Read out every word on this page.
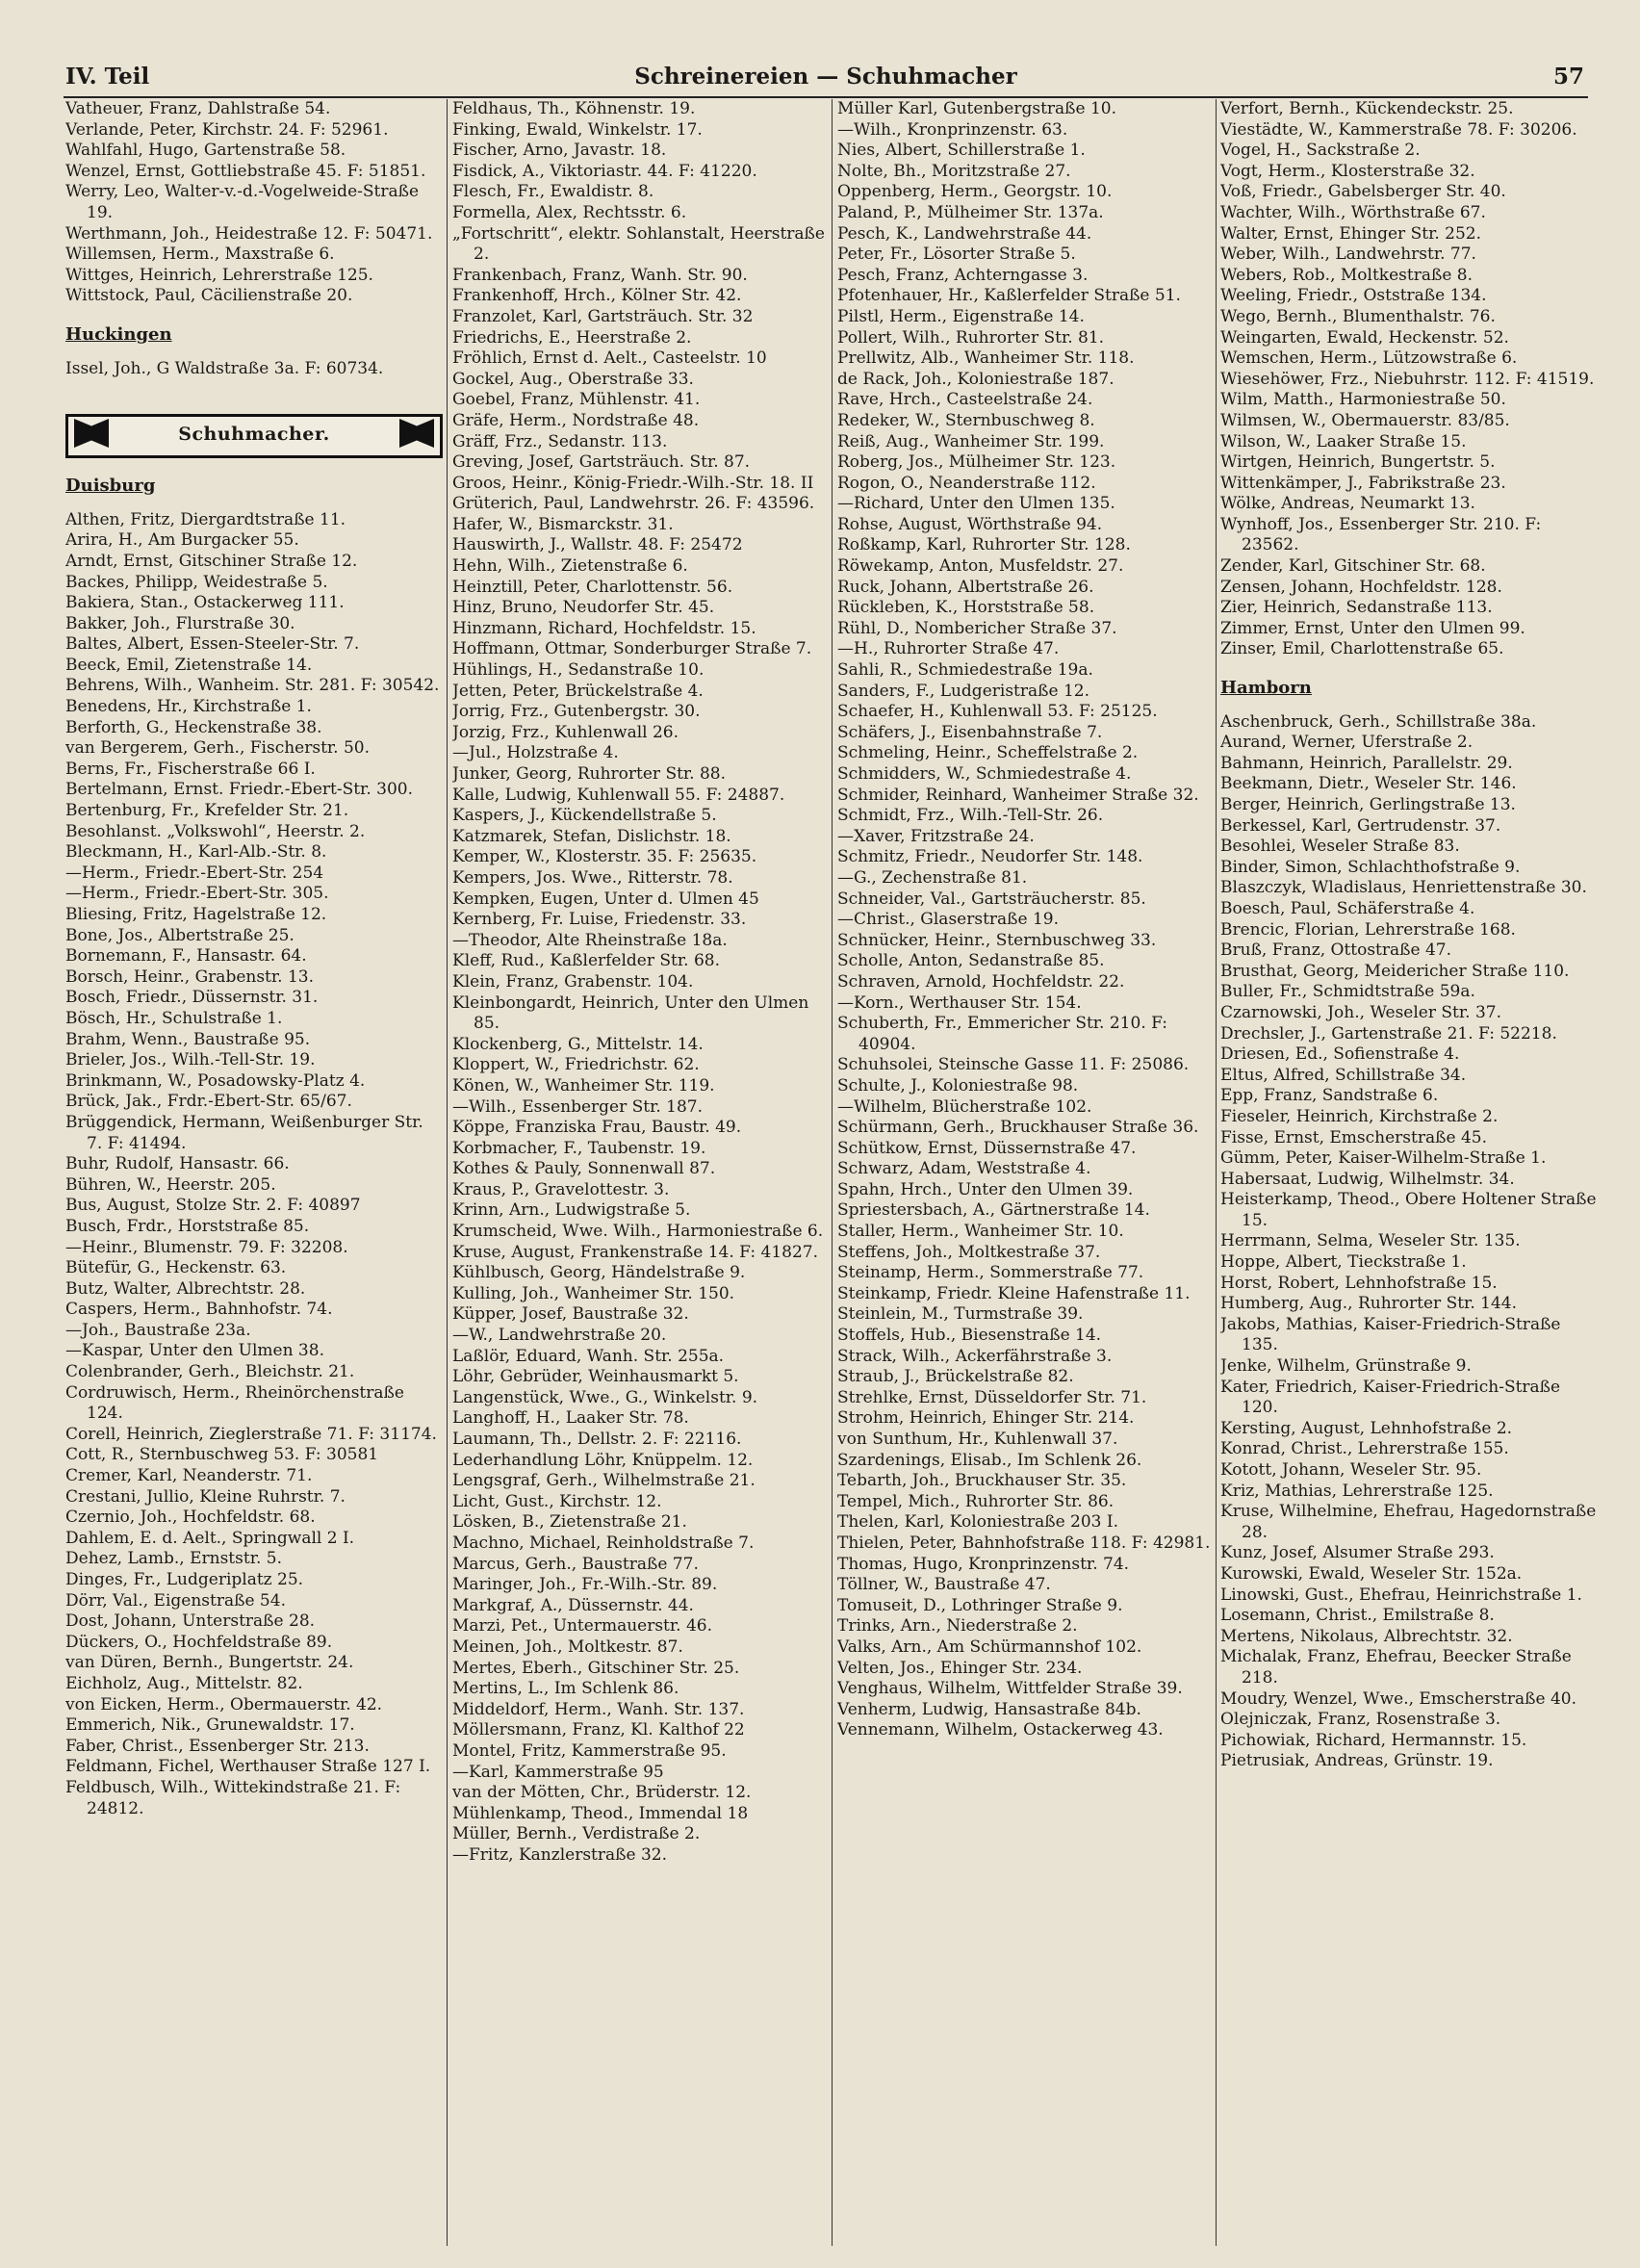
IV. Teil	Schreinereien — Schuhmacher	57
Vatheuer, Franz, Dahlstraße 54.
Verlande, Peter, Kirchstr. 24. F: 52961.
Wahlfahl, Hugo, Gartenstraße 58.
Wenzel, Ernst, Gottliebstraße 45. F: 51851.
Werry, Leo, Walter-v.-d.-Vogelweide-Straße 19.
Werthmann, Joh., Heidestraße 12. F: 50471.
Willemsen, Herm., Maxstraße 6.
Wittges, Heinrich, Lehrerstraße 125.
Wittstock, Paul, Cäcilienstraße 20.
Huckingen
Issel, Joh., G Waldstraße 3a. F: 60734.
Schuhmacher.
Duisburg
Althen, Fritz, Diergardtstraße 11.
Arira, H., Am Burgacker 55.
Arndt, Ernst, Gitschiner Straße 12.
Backes, Philipp, Weidestraße 5.
Bakiera, Stan., Ostackerweg 111.
Bakker, Joh., Flurstraße 30.
Baltes, Albert, Essen-Steeler-Str. 7.
Beeck, Emil, Zietenstraße 14.
Behrens, Wilh., Wanheim. Str. 281. F: 30542.
Benedens, Hr., Kirchstraße 1.
Berforth, G., Heckenstraße 38.
van Bergerem, Gerh., Fischerstr. 50.
Berns, Fr., Fischerstraße 66 I.
Bertelmann, Ernst. Friedr.-Ebert-Str. 300.
Bertenburg, Fr., Krefelder Str. 21.
Besohlanst. „Volkswohl“, Heerstr. 2.
Bleckmann, H., Karl-Alb.-Str. 8.
—Herm., Friedr.-Ebert-Str. 254
—Herm., Friedr.-Ebert-Str. 305.
Bliesing, Fritz, Hagelstraße 12.
Bone, Jos., Albertstraße 25.
Bornemann, F., Hansastr. 64.
Borsch, Heinr., Grabenstr. 13.
Bosch, Friedr., Düssernstr. 31.
Bösch, Hr., Schulstraße 1.
Brahm, Wenn., Baustraße 95.
Brieler, Jos., Wilh.-Tell-Str. 19.
Brinkmann, W., Posadowsky-Platz 4.
Brück, Jak., Frdr.-Ebert-Str. 65/67.
Brüggendick, Hermann, Weißenburger Str. 7. F: 41494.
Buhr, Rudolf, Hansastr. 66.
Bühren, W., Heerstr. 205.
Bus, August, Stolze Str. 2. F: 40897
Busch, Frdr., Horststraße 85.
—Heinr., Blumenstr. 79. F: 32208.
Bütefür, G., Heckenstr. 63.
Butz, Walter, Albrechtstr. 28.
Caspers, Herm., Bahnhofstr. 74.
—Joh., Baustraße 23a.
—Kaspar, Unter den Ulmen 38.
Colenbrander, Gerh., Bleichstr. 21.
Cordruwisch, Herm., Rheinörchenstraße 124.
Corell, Heinrich, Zieglerstraße 71. F: 31174.
Cott, R., Sternbuschweg 53. F: 30581
Cremer, Karl, Neanderstr. 71.
Crestani, Jullio, Kleine Ruhrstr. 7.
Czernio, Joh., Hochfeldstr. 68.
Dahlem, E. d. Aelt., Springwall 2 I.
Dehez, Lamb., Ernststr. 5.
Dinges, Fr., Ludgeriplatz 25.
Dörr, Val., Eigenstraße 54.
Dost, Johann, Unterstraße 28.
Dückers, O., Hochfeldstraße 89.
van Düren, Bernh., Bungertstr. 24.
Eichholz, Aug., Mittelstr. 82.
von Eicken, Herm., Obermauerstr. 42.
Emmerich, Nik., Grunewaldstr. 17.
Faber, Christ., Essenberger Str. 213.
Feldmann, Fichel, Werthauser Straße 127 I.
Feldbusch, Wilh., Wittekindstraße 21. F: 24812.
Feldhaus, Th., Köhnenstr. 19.
Finking, Ewald, Winkelstr. 17.
Fischer, Arno, Javastr. 18.
Fisdick, A., Viktoriastr. 44. F: 41220.
Flesch, Fr., Ewaldistr. 8.
Formella, Alex, Rechtsstr. 6.
„Fortschritt“, elektr. Sohlanstalt, Heerstraße 2.
Frankenbach, Franz, Wanh. Str. 90.
Frankenhoff, Hrch., Kölner Str. 42.
Franzolet, Karl, Gartsträuch. Str. 32
Friedrichs, E., Heerstraße 2.
Fröhlich, Ernst d. Aelt., Casteelstr. 10
Gockel, Aug., Oberstraße 33.
Goebel, Franz, Mühlenstr. 41.
Gräfe, Herm., Nordstraße 48.
Gräff, Frz., Sedanstr. 113.
Greving, Josef, Gartsträuch. Str. 87.
Groos, Heinr., König-Friedr.-Wilh.-Str. 18. II
Grüterich, Paul, Landwehrstr. 26. F: 43596.
Hafer, W., Bismarckstr. 31.
Hauswirth, J., Wallstr. 48. F: 25472
Hehn, Wilh., Zietenstraße 6.
Heinztill, Peter, Charlottenstr. 56.
Hinz, Bruno, Neudorfer Str. 45.
Hinzmann, Richard, Hochfeldstr. 15.
Hoffmann, Ottmar, Sonderburger Straße 7.
Hühlings, H., Sedanstraße 10.
Jetten, Peter, Brückelstraße 4.
Jorrig, Frz., Gutenbergstr. 30.
Jorzig, Frz., Kuhlenwall 26.
—Jul., Holzstraße 4.
Junker, Georg, Ruhrorter Str. 88.
Kalle, Ludwig, Kuhlenwall 55. F: 24887.
Kaspers, J., Kückendellstraße 5.
Katzmarek, Stefan, Dislichstr. 18.
Kemper, W., Klosterstr. 35. F: 25635.
Kempers, Jos. Wwe., Ritterstr. 78.
Kempken, Eugen, Unter d. Ulmen 45
Kernberg, Fr. Luise, Friedenstr. 33.
—Theodor, Alte Rheinstraße 18a.
Kleff, Rud., Kaßlerfelder Str. 68.
Klein, Franz, Grabenstr. 104.
Kleinbongardt, Heinrich, Unter den Ulmen 85.
Klockenberg, G., Mittelstr. 14.
Kloppert, W., Friedrichstr. 62.
Könen, W., Wanheimer Str. 119.
—Wilh., Essenberger Str. 187.
Köppe, Franziska Frau, Baustr. 49.
Korbmacher, F., Taubenstr. 19.
Kothes & Pauly, Sonnenwall 87.
Kraus, P., Gravelottestr. 3.
Krinn, Arn., Ludwigstraße 5.
Krumscheid, Wwe. Wilh., Harmoniestraße 6.
Kruse, August, Frankenstraße 14. F: 41827.
Kühlbusch, Georg, Händelstraße 9.
Kulling, Joh., Wanheimer Str. 150.
Küpper, Josef, Baustraße 32.
—W., Landwehrstraße 20.
Laßlör, Eduard, Wanh. Str. 255a.
Löhr, Gebrüder, Weinhausmarkt 5.
Langenstück, Wwe., G., Winkelstr. 9.
Langhoff, H., Laaker Str. 78.
Laumann, Th., Dellstr. 2. F: 22116.
Lederhandlung Löhr, Knüppelm. 12.
Lengsgraf, Gerh., Wilhelmstraße 21.
Licht, Gust., Kirchstr. 12.
Lösken, B., Zietenstraße 21.
Machno, Michael, Reinholdstraße 7.
Marcus, Gerh., Baustraße 77.
Maringer, Joh., Fr.-Wilh.-Str. 89.
Markgraf, A., Düssernstr. 44.
Marzi, Pet., Untermauerstr. 46.
Meinen, Joh., Moltkestr. 87.
Mertes, Eberh., Gitschiner Str. 25.
Mertins, L., Im Schlenk 86.
Middeldorf, Herm., Wanh. Str. 137.
Möllersmann, Franz, Kl. Kalthof 22
Montel, Fritz, Kammerstraße 95.
—Karl, Kammerstraße 95
van der Mötten, Chr., Brüderstr. 12.
Mühlenkamp, Theod., Immendal 18
Müller, Bernh., Verdistraße 2.
—Fritz, Kanzlerstraße 32.
Müller Karl, Gutenbergstraße 10.
—Wilh., Kronprinzenstr. 63.
Nies, Albert, Schillerstraße 1.
Nolte, Bh., Moritzstraße 27.
Oppenberg, Herm., Georgstr. 10.
Paland, P., Mülheimer Str. 137a.
Pesch, K., Landwehrstraße 44.
Peter, Fr., Lösorter Straße 5.
Pesch, Franz, Achterngasse 3.
Pfotenhauer, Hr., Kaßlerfelder Straße 51.
Pilstl, Herm., Eigenstraße 14.
Pollert, Wilh., Ruhrorter Str. 81.
Prellwitz, Alb., Wanheimer Str. 118.
de Rack, Joh., Koloniestraße 187.
Rave, Hrch., Casteelstraße 24.
Redeker, W., Sternbuschweg 8.
Reiß, Aug., Wanheimer Str. 199.
Roberg, Jos., Mülheimer Str. 123.
Rogon, O., Neanderstraße 112.
—Richard, Unter den Ulmen 135.
Rohse, August, Wörthstraße 94.
Roßkamp, Karl, Ruhrorter Str. 128.
Röwekamp, Anton, Musfeldstr. 27.
Ruck, Johann, Albertstraße 26.
Rückleben, K., Horststraße 58.
Rühl, D., Nombericher Straße 37.
—H., Ruhrorter Straße 47.
Sahli, R., Schmiedestraße 19a.
Sanders, F., Ludgeristraße 12.
Schaefer, H., Kuhlenwall 53. F: 25125.
Schäfers, J., Eisenbahnstraße 7.
Schmeling, Heinr., Scheffelstraße 2.
Schmidders, W., Schmiedestraße 4.
Schmider, Reinhard, Wanheimer Straße 32.
Schmidt, Frz., Wilh.-Tell-Str. 26.
—Xaver, Fritzstraße 24.
Schmitz, Friedr., Neudorfer Str. 148.
—G., Zechenstraße 81.
Schneider, Val., Gartsträucherstr. 85.
—Christ., Glaserstraße 19.
Schnücker, Heinr., Sternbuschweg 33.
Scholle, Anton, Sedanstraße 85.
Schraven, Arnold, Hochfeldstr. 22.
—Korn., Werthauser Str. 154.
Schuberth, Fr., Emmericher Str. 210. F: 40904.
Schuhsolei, Steinsche Gasse 11. F: 25086.
Schulte, J., Koloniestraße 98.
—Wilhelm, Blücherstraße 102.
Schürmann, Gerh., Bruckhauser Straße 36.
Schütkow, Ernst, Düssernstraße 47.
Schwarz, Adam, Weststraße 4.
Spahn, Hrch., Unter den Ulmen 39.
Spriestersbach, A., Gärtnerstraße 14.
Staller, Herm., Wanheimer Str. 10.
Steffens, Joh., Moltkestraße 37.
Steinamp, Herm., Sommerstraße 77.
Steinkamp, Friedr. Kleine Hafenstraße 11.
Steinlein, M., Turmstraße 39.
Stoffels, Hub., Biesenstraße 14.
Strack, Wilh., Ackerfährstraße 3.
Straub, J., Brückelstraße 82.
Strehlke, Ernst, Düsseldorfer Str. 71.
Strohm, Heinrich, Ehinger Str. 214.
von Sunthum, Hr., Kuhlenwall 37.
Szardenings, Elisab., Im Schlenk 26.
Tebarth, Joh., Bruckhauser Str. 35.
Tempel, Mich., Ruhrorter Str. 86.
Thelen, Karl, Koloniestraße 203 I.
Thielen, Peter, Bahnhofstraße 118. F: 42981.
Thomas, Hugo, Kronprinzenstr. 74.
Töllner, W., Baustraße 47.
Tomuseit, D., Lothringer Straße 9.
Trinks, Arn., Niederstraße 2.
Valks, Arn., Am Schürmannshof 102.
Velten, Jos., Ehinger Str. 234.
Venghaus, Wilhelm, Wittfelder Straße 39.
Venherm, Ludwig, Hansastraße 84b.
Vennemann, Wilhelm, Ostackerweg 43.
Verfort, Bernh., Kückendeckstr. 25.
Viestädte, W., Kammerstraße 78. F: 30206.
Vogel, H., Sackstraße 2.
Vogt, Herm., Klosterstraße 32.
Voß, Friedr., Gabelsberger Str. 40.
Wachter, Wilh., Wörthstraße 67.
Walter, Ernst, Ehinger Str. 252.
Weber, Wilh., Landwehrstr. 77.
Webers, Rob., Moltkestraße 8.
Weeling, Friedr., Oststraße 134.
Wego, Bernh., Blumenthalstr. 76.
Weingarten, Ewald, Heckenstr. 52.
Wemschen, Herm., Lützowstraße 6.
Wiesehöwer, Frz., Niebuhrstr. 112. F: 41519.
Wilm, Matth., Harmoniestraße 50.
Wilmsen, W., Obermauerstr. 83/85.
Wilson, W., Laaker Straße 15.
Wirtgen, Heinrich, Bungertstr. 5.
Wittenkämper, J., Fabrikstraße 23.
Wölke, Andreas, Neumarkt 13.
Wynhoff, Jos., Essenberger Str. 210. F: 23562.
Zender, Karl, Gitschiner Str. 68.
Zensen, Johann, Hochfeldstr. 128.
Zier, Heinrich, Sedanstraße 113.
Zimmer, Ernst, Unter den Ulmen 99.
Zinser, Emil, Charlottenstraße 65.
Hamborn
Aschenbruck, Gerh., Schillstraße 38a.
Aurand, Werner, Uferstraße 2.
Bahmann, Heinrich, Parallelstr. 29.
Beekmann, Dietr., Weseler Str. 146.
Berger, Heinrich, Gerlingstraße 13.
Berkessel, Karl, Gertrudenstr. 37.
Besohlei, Weseler Straße 83.
Binder, Simon, Schlachthofstraße 9.
Blaszczyk, Wladislaus, Henriettenstraße 30.
Boesch, Paul, Schäferstraße 4.
Brencic, Florian, Lehrerstraße 168.
Bruß, Franz, Ottostraße 47.
Brusthat, Georg, Meidericher Straße 110.
Buller, Fr., Schmidtstraße 59a.
Czarnowski, Joh., Weseler Str. 37.
Drechsler, J., Gartenstraße 21. F: 52218.
Driesen, Ed., Sofienstraße 4.
Eltus, Alfred, Schillstraße 34.
Epp, Franz, Sandstraße 6.
Fieseler, Heinrich, Kirchstraße 2.
Fisse, Ernst, Emscherstraße 45.
Gümm, Peter, Kaiser-Wilhelm-Straße 1.
Habersaat, Ludwig, Wilhelmstr. 34.
Heisterkamp, Theod., Obere Holtener Straße 15.
Herrmann, Selma, Weseler Str. 135.
Hoppe, Albert, Tieckstraße 1.
Horst, Robert, Lehnhofstraße 15.
Humberg, Aug., Ruhrorter Str. 144.
Jakobs, Mathias, Kaiser-Friedrich-Straße 135.
Jenke, Wilhelm, Grünstraße 9.
Kater, Friedrich, Kaiser-Friedrich-Straße 120.
Kersting, August, Lehnhofstraße 2.
Konrad, Christ., Lehrerstraße 155.
Kotott, Johann, Weseler Str. 95.
Kriz, Mathias, Lehrerstraße 125.
Kruse, Wilhelmine, Ehefrau, Hagedornstraße 28.
Kunz, Josef, Alsumer Straße 293.
Kurowski, Ewald, Weseler Str. 152a.
Linowski, Gust., Ehefrau, Heinrichstraße 1.
Losemann, Christ., Emilstraße 8.
Mertens, Nikolaus, Albrechtstr. 32.
Michalak, Franz, Ehefrau, Beecker Straße 218.
Moudry, Wenzel, Wwe., Emscherstraße 40.
Olejniczak, Franz, Rosenstraße 3.
Pichowiak, Richard, Hermannstr. 15.
Pietrusiak, Andreas, Grünstr. 19.
